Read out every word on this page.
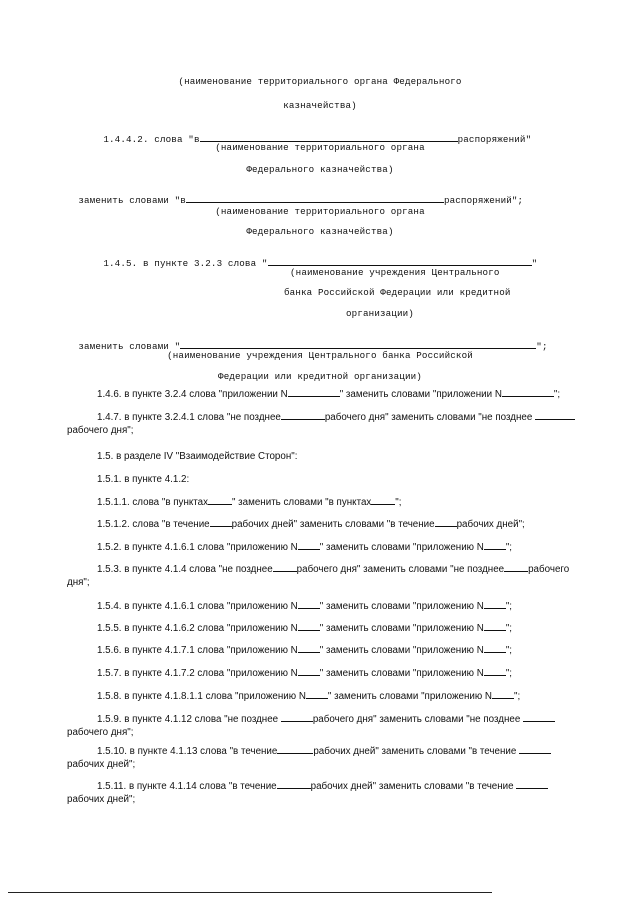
(наименование территориального органа Федерального
казначейства)

1.4.4.2. слова "в	распоряжений"

(наименование территориального органа
Федерального казначейства)

заменить словами "в	распоряжений";

(наименование территориального органа
Федерального казначейства)

1.4.5. в пункте 3.2.3 слова "	"

(наименование учреждения Центрального
банка Российской Федерации или кредитной
организации)

заменить словами "	";

(наименование учреждения Центрального банка Российской
Федерации или кредитной организации)
1.4.6. в пункте 3.2.4 слова "приложении N	" заменить словами "приложении N	";
1.4.7. в пункте 3.2.4.1 слова "не позднее	рабочего дня" заменить словами "не позднее
рабочего дня";
1.5. в разделе IV "Взаимодействие Сторон":
1.5.1. в пункте 4.1.2:
1.5.1.1. слова "в пунктах " заменить словами "в пунктах ";
1.5.1.2. слова "в течение рабочих дней" заменить словами "в течение рабочих дней";
1.5.2. в пункте 4.1.6.1 слова "приложению N " заменить словами "приложению N ";
1.5.3. в пункте 4.1.4 слова "не позднее рабочего дня" заменить словами "не позднее рабочего
дня";
1.5.4. в пункте 4.1.6.1 слова "приложению N " заменить словами "приложению N ";
1.5.5. в пункте 4.1.6.2 слова "приложению N " заменить словами "приложению N ";
1.5.6. в пункте 4.1.7.1 слова "приложению N " заменить словами "приложению N ";
1.5.7. в пункте 4.1.7.2 слова "приложению N " заменить словами "приложению N ";
1.5.8. в пункте 4.1.8.1.1 слова "приложению N " заменить словами "приложению N ";
1.5.9. в пункте 4.1.12 слова "не позднее	рабочего дня" заменить словами "не позднее
рабочего дня";
1.5.10. в пункте 4.1.13 слова "в течение	рабочих дней" заменить словами "в течение
рабочих дней";
1.5.11. в пункте 4.1.14 слова "в течение	рабочих дней" заменить словами "в течение
рабочих дней";
